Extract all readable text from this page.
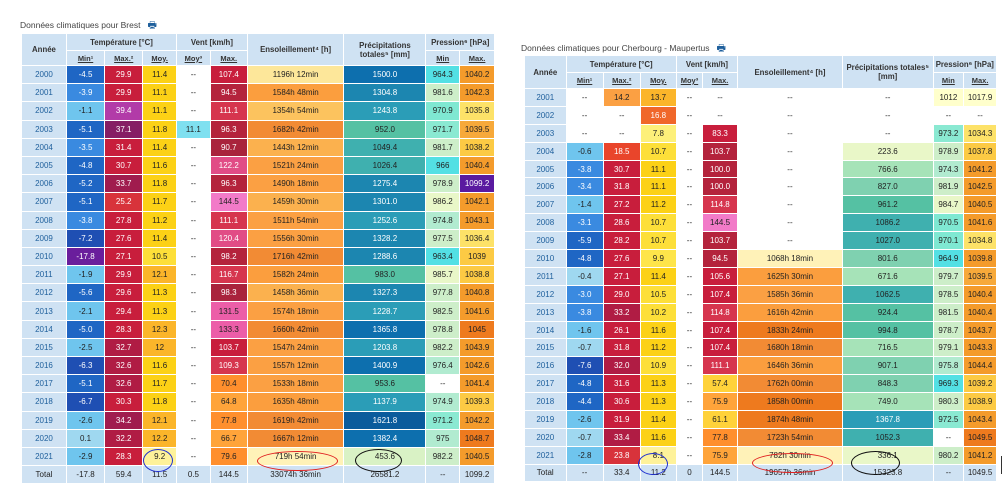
Données climatiques pour Brest 🖶
Année	Température [°C]			Vent [km/h]		Ensoleillement⁴ [h]	Précipitations totales⁵ [mm]	Pression⁶ [hPa]	
	Min¹	Max.²	Moy.	Moy³	Max.			Min	Max.
2000	-4.5	29.9	11.4	--	107.4	1196h 12min	1500.0	964.3	1040.2
2001	-3.9	29.9	11.1	--	94.5	1584h 48min	1304.8	981.6	1042.3
2002	-1.1	39.4	11.1	--	111.1	1354h 54min	1243.8	970.9	1035.8
2003	-5.1	37.1	11.8	11.1	96.3	1682h 42min	952.0	971.7	1039.5
2004	-3.5	31.4	11.4	--	90.7	1443h 12min	1049.4	981.7	1038.2
2005	-4.8	30.7	11.6	--	122.2	1521h 24min	1026.4	966	1040.4
2006	-5.2	33.7	11.8	--	96.3	1490h 18min	1275.4	978.9	1099.2
2007	-5.1	25.2	11.7	--	144.5	1459h 30min	1301.0	986.2	1042.1
2008	-3.8	27.8	11.2	--	111.1	1511h 54min	1252.6	974.8	1043.1
2009	-7.2	27.6	11.4	--	120.4	1556h 30min	1328.2	977.5	1036.4
2010	-17.8	27.1	10.5	--	98.2	1716h 42min	1288.6	963.4	1039
2011	-1.9	29.9	12.1	--	116.7	1582h 24min	983.0	985.7	1038.8
2012	-5.6	29.6	11.3	--	98.3	1458h 36min	1327.3	977.8	1040.8
2013	-2.1	29.4	11.3	--	131.5	1574h 18min	1228.7	982.5	1041.6
2014	-5.0	28.3	12.3	--	133.3	1660h 42min	1365.8	978.8	1045
2015	-2.5	32.7	12	--	103.7	1547h 24min	1203.8	982.2	1043.9
2016	-6.3	32.6	11.6	--	109.3	1557h 12min	1400.9	976.4	1042.6
2017	-5.1	32.6	11.7	--	70.4	1533h 18min	953.6	--	1041.4
2018	-6.7	30.3	11.8	--	64.8	1635h 48min	1137.9	974.9	1039.3
2019	-2.6	34.2	12.1	--	77.8	1619h 42min	1621.8	971.2	1042.2
2020	0.1	32.2	12.2	--	66.7	1667h 12min	1382.4	975	1048.7
2021	-2.9	28.3	9.2	--	79.6	719h 54min	453.6	982.2	1040.5
Total	-17.8	59.4	11.5	0.5	144.5	33074h 36min	26581.2	--	1099.2
Données climatiques pour Cherbourg - Maupertus 🖶
Année	Température [°C]			Vent [km/h]		Ensoleillement⁴ [h]	Précipitations totales⁵ [mm]	Pression⁶ [hPa]	
	Min¹	Max.²	Moy.	Moy³	Max.			Min	Max.
2001	--	14.2	13.7	--	--	--	--	1012	1017.9
2002	--	--	16.8	--	--	--	--	--	--
2003	--	--	7.8	--	83.3	--	--	973.2	1034.3
2004	-0.6	18.5	10.7	--	103.7	--	223.6	978.9	1037.8
2005	-3.8	30.7	11.1	--	100.0	--	766.6	974.3	1041.2
2006	-3.4	31.8	11.1	--	100.0	--	827.0	981.9	1042.5
2007	-1.4	27.2	11.2	--	114.8	--	961.2	984.7	1040.5
2008	-3.1	28.6	10.7	--	144.5	--	1086.2	970.5	1041.6
2009	-5.9	28.2	10.7	--	103.7	--	1027.0	970.1	1034.8
2010	-4.8	27.6	9.9	--	94.5	1068h 18min	801.6	964.9	1039.8
2011	-0.4	27.1	11.4	--	105.6	1625h 30min	671.6	979.7	1039.5
2012	-3.0	29.0	10.5	--	107.4	1585h 36min	1062.5	978.5	1040.4
2013	-3.8	33.2	10.2	--	114.8	1616h 42min	924.4	981.5	1040.4
2014	-1.6	26.1	11.6	--	107.4	1833h 24min	994.8	978.7	1043.7
2015	-0.7	31.8	11.2	--	107.4	1680h 18min	716.5	979.1	1043.3
2016	-7.6	32.0	10.9	--	111.1	1646h 36min	907.1	975.8	1044.4
2017	-4.8	31.6	11.3	--	57.4	1762h 00min	848.3	969.3	1039.2
2018	-4.4	30.6	11.3	--	75.9	1858h 00min	749.0	980.3	1038.9
2019	-2.6	31.9	11.4	--	61.1	1874h 48min	1367.8	972.5	1043.4
2020	-0.7	33.4	11.6	--	77.8	1723h 54min	1052.3	--	1049.5
2021	-2.8	23.8	8.1	--	75.9	782h 30min	336.1	980.2	1041.2
Total	--	33.4	11.2	0	144.5	19057h 36min	15323.8	--	1049.5
